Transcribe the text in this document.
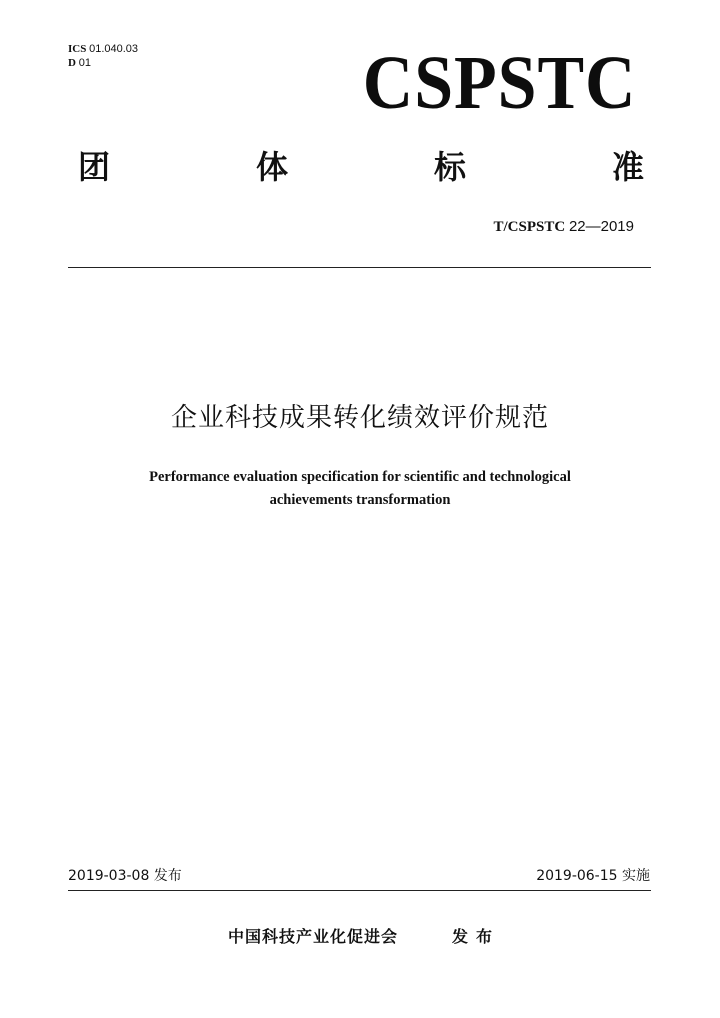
ICS 01.040.03
D 01	CSPSTC
团	体	标	准
T/CSPSTC 22—2019
企业科技成果转化绩效评价规范
Performance evaluation specification for scientific and technological
achievements transformation
2019-03-08 发布	2019-06-15 实施
中国科技产业化促进会	发布
